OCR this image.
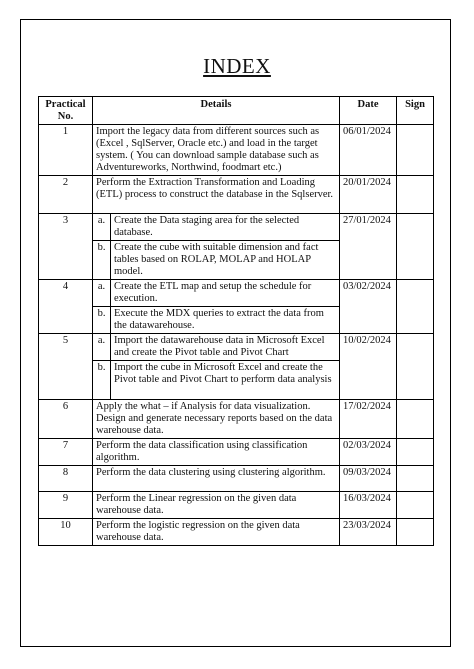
INDEX
Practical No.	Details		Date	Sign
1	Import the legacy data from different sources such as (Excel , SqlServer, Oracle etc.) and load in the target system. ( You can download sample database such as Adventureworks, Northwind, foodmart etc.)		06/01/2024	
2	Perform the Extraction Transformation and Loading (ETL) process to construct the database in the Sqlserver.		20/01/2024	
3	a.	Create the Data staging area for the selected database.	27/01/2024	
	b.	Create the cube with suitable dimension and fact tables based on ROLAP, MOLAP and HOLAP model.		
4	a.	Create the ETL map and setup the schedule for execution.	03/02/2024	
	b.	Execute the MDX queries to extract the data from the datawarehouse.		
5	a.	Import the datawarehouse data in Microsoft Excel and create the Pivot table and Pivot Chart	10/02/2024	
	b.	Import the cube in Microsoft Excel and create the Pivot table and Pivot Chart to perform data analysis		
6	Apply the what – if Analysis for data visualization. Design and generate necessary reports based on the data warehouse data.		17/02/2024	
7	Perform the data classification using classification algorithm.		02/03/2024	
8	Perform the data clustering using clustering algorithm.		09/03/2024	
9	Perform the Linear regression on the given data warehouse data.		16/03/2024	
10	Perform the logistic regression on the given data warehouse data.		23/03/2024	
